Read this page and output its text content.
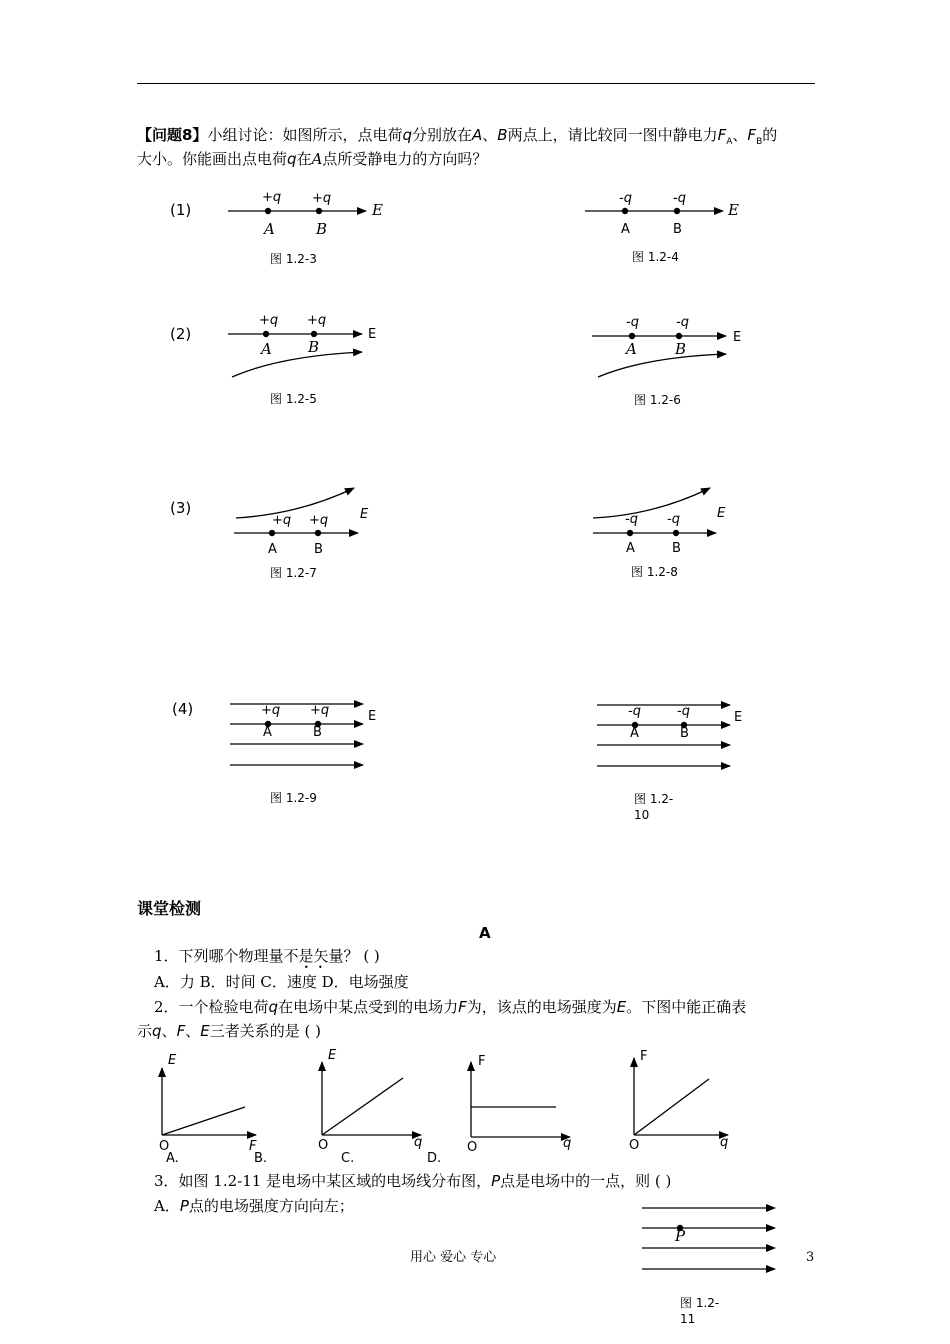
【问题8】小组讨论：如图所示，点电荷q分别放在A、B两点上，请比较同一图中静电力$F_A$、$F_B$的
大小。你能画出点电荷q在A点所受静电力的方向吗？
(1)
(2)
(3)
(4)
+q +q
A	B
E
图 1.2-3
-q	-q
A	B
E
图 1.2-4
+q +q
A B
E
图 1.2-5
-q	-q
A	B
E
图 1.2-6
+q +q
A	B
E
图 1.2-7
-q -q
A	B
E
图 1.2-8
+q +q
A	B
E
图 1.2-9
-q	-q
A	B
E
图 1.2-
10
课堂检测
A
1．下列哪个物理量不是矢量？ ( )
• •
A．力 B．时间 C．速度 D．电场强度
2．一个检验电荷q在电场中某点受到的电场力F为，该点的电场强度为E。下图中能正确表
示q、F、E三者关系的是 ( )
E
F
O
A.
E
q
O
B.
F
q
O
C.
F
q
O
D.
3．如图 1.2-11 是电场中某区域的电场线分布图，P点是电场中的一点，则 ( )
A．P点的电场强度方向向左；
P
图 1.2-
11
用心 爱心 专心	3
